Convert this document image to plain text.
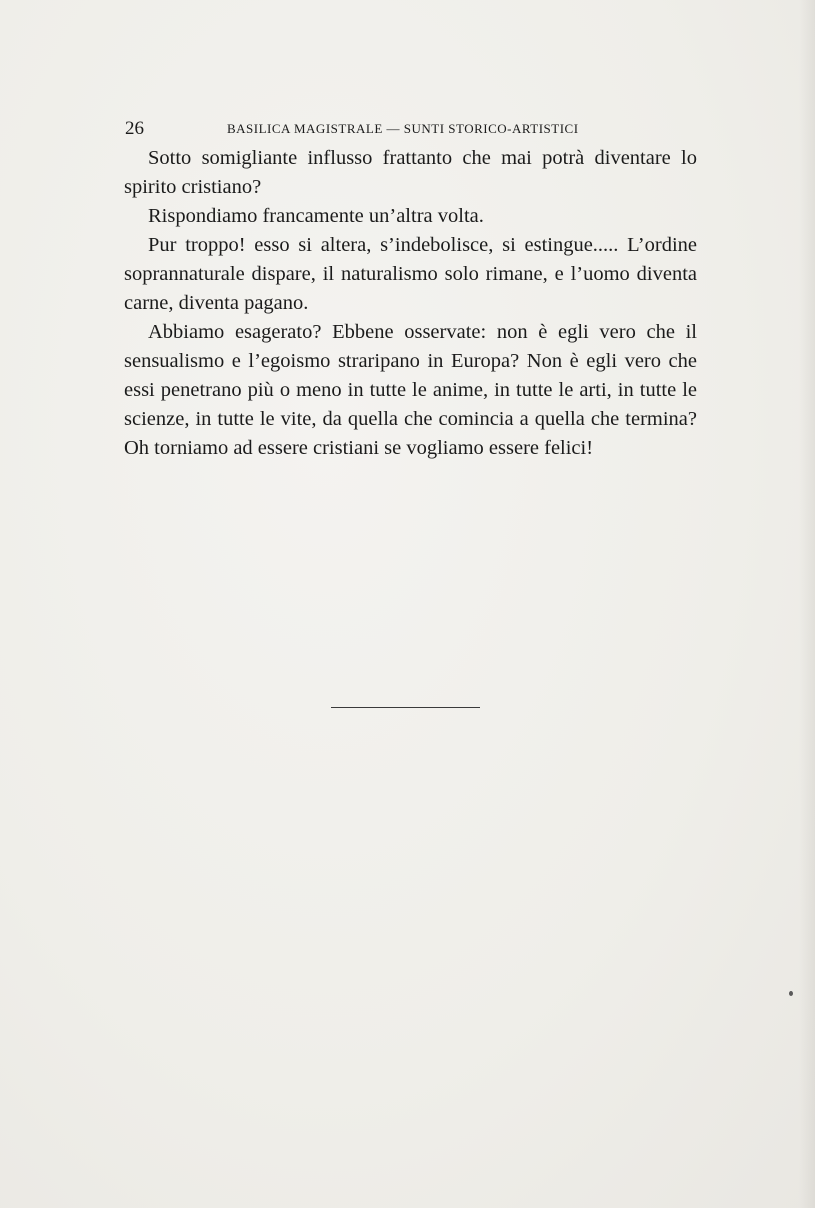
26	BASILICA MAGISTRALE — SUNTI STORICO-ARTISTICI

Sotto somigliante influsso frattanto che mai potrà diventare lo spirito cristiano?

Rispondiamo francamente un’altra volta.

Pur troppo! esso si altera, s’indebolisce, si estingue..... L’ordine soprannaturale dispare, il naturalismo solo rimane, e l’uomo diventa carne, diventa pagano.

Abbiamo esagerato? Ebbene osservate: non è egli vero che il sensualismo e l’egoismo straripano in Europa? Non è egli vero che essi penetrano più o meno in tutte le anime, in tutte le arti, in tutte le scienze, in tutte le vite, da quella che comincia a quella che termina? Oh torniamo ad essere cristiani se vogliamo essere felici!
